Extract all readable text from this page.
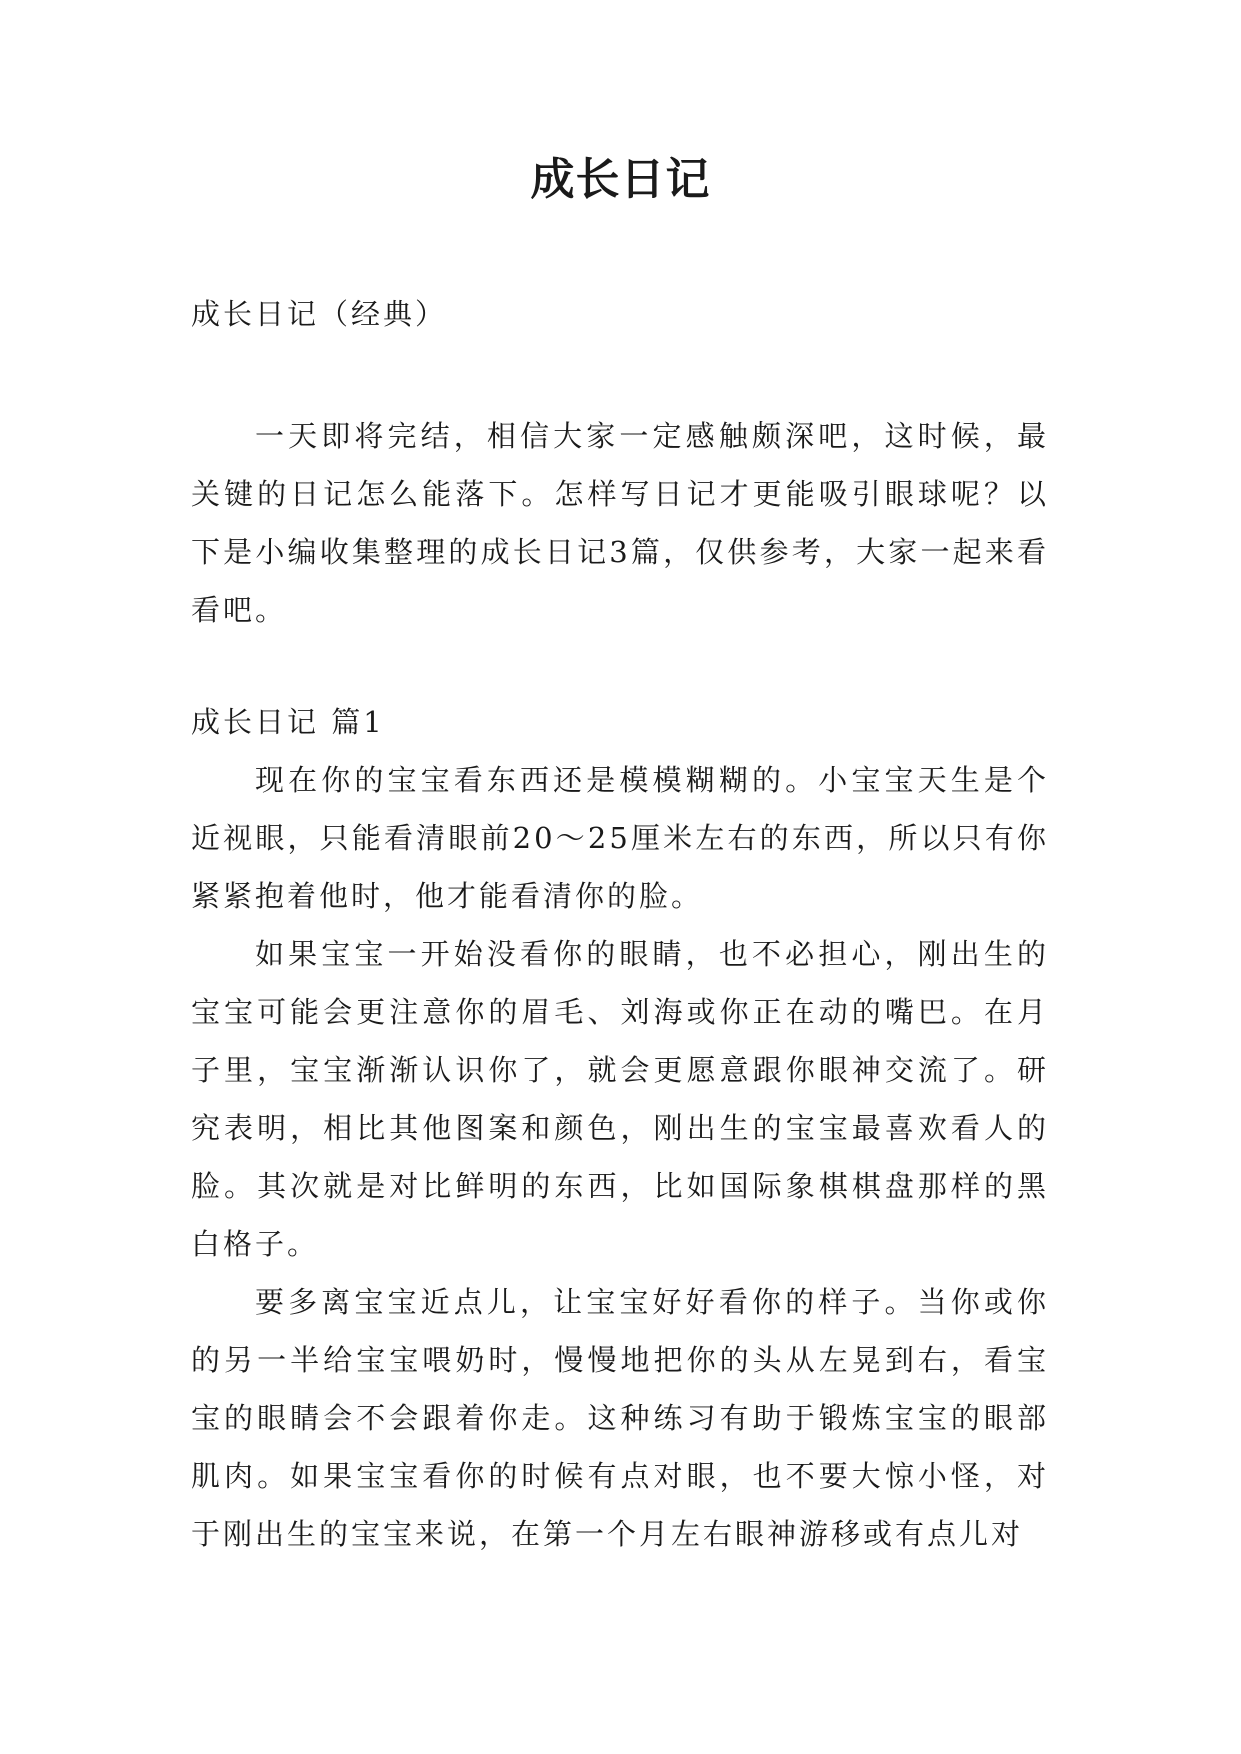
成长日记

成长日记（经典）

一天即将完结，相信大家一定感触颇深吧，这时候，最关键的日记怎么能落下。怎样写日记才更能吸引眼球呢？以下是小编收集整理的成长日记3篇，仅供参考，大家一起来看看吧。

成长日记 篇1

现在你的宝宝看东西还是模模糊糊的。小宝宝天生是个近视眼，只能看清眼前20～25厘米左右的东西，所以只有你紧紧抱着他时，他才能看清你的脸。

如果宝宝一开始没看你的眼睛，也不必担心，刚出生的宝宝可能会更注意你的眉毛、刘海或你正在动的嘴巴。在月子里，宝宝渐渐认识你了，就会更愿意跟你眼神交流了。研究表明，相比其他图案和颜色，刚出生的宝宝最喜欢看人的脸。其次就是对比鲜明的东西，比如国际象棋棋盘那样的黑白格子。

要多离宝宝近点儿，让宝宝好好看你的样子。当你或你的另一半给宝宝喂奶时，慢慢地把你的头从左晃到右，看宝宝的眼睛会不会跟着你走。这种练习有助于锻炼宝宝的眼部肌肉。如果宝宝看你的时候有点对眼，也不要大惊小怪，对于刚出生的宝宝来说，在第一个月左右眼神游移或有点儿对
